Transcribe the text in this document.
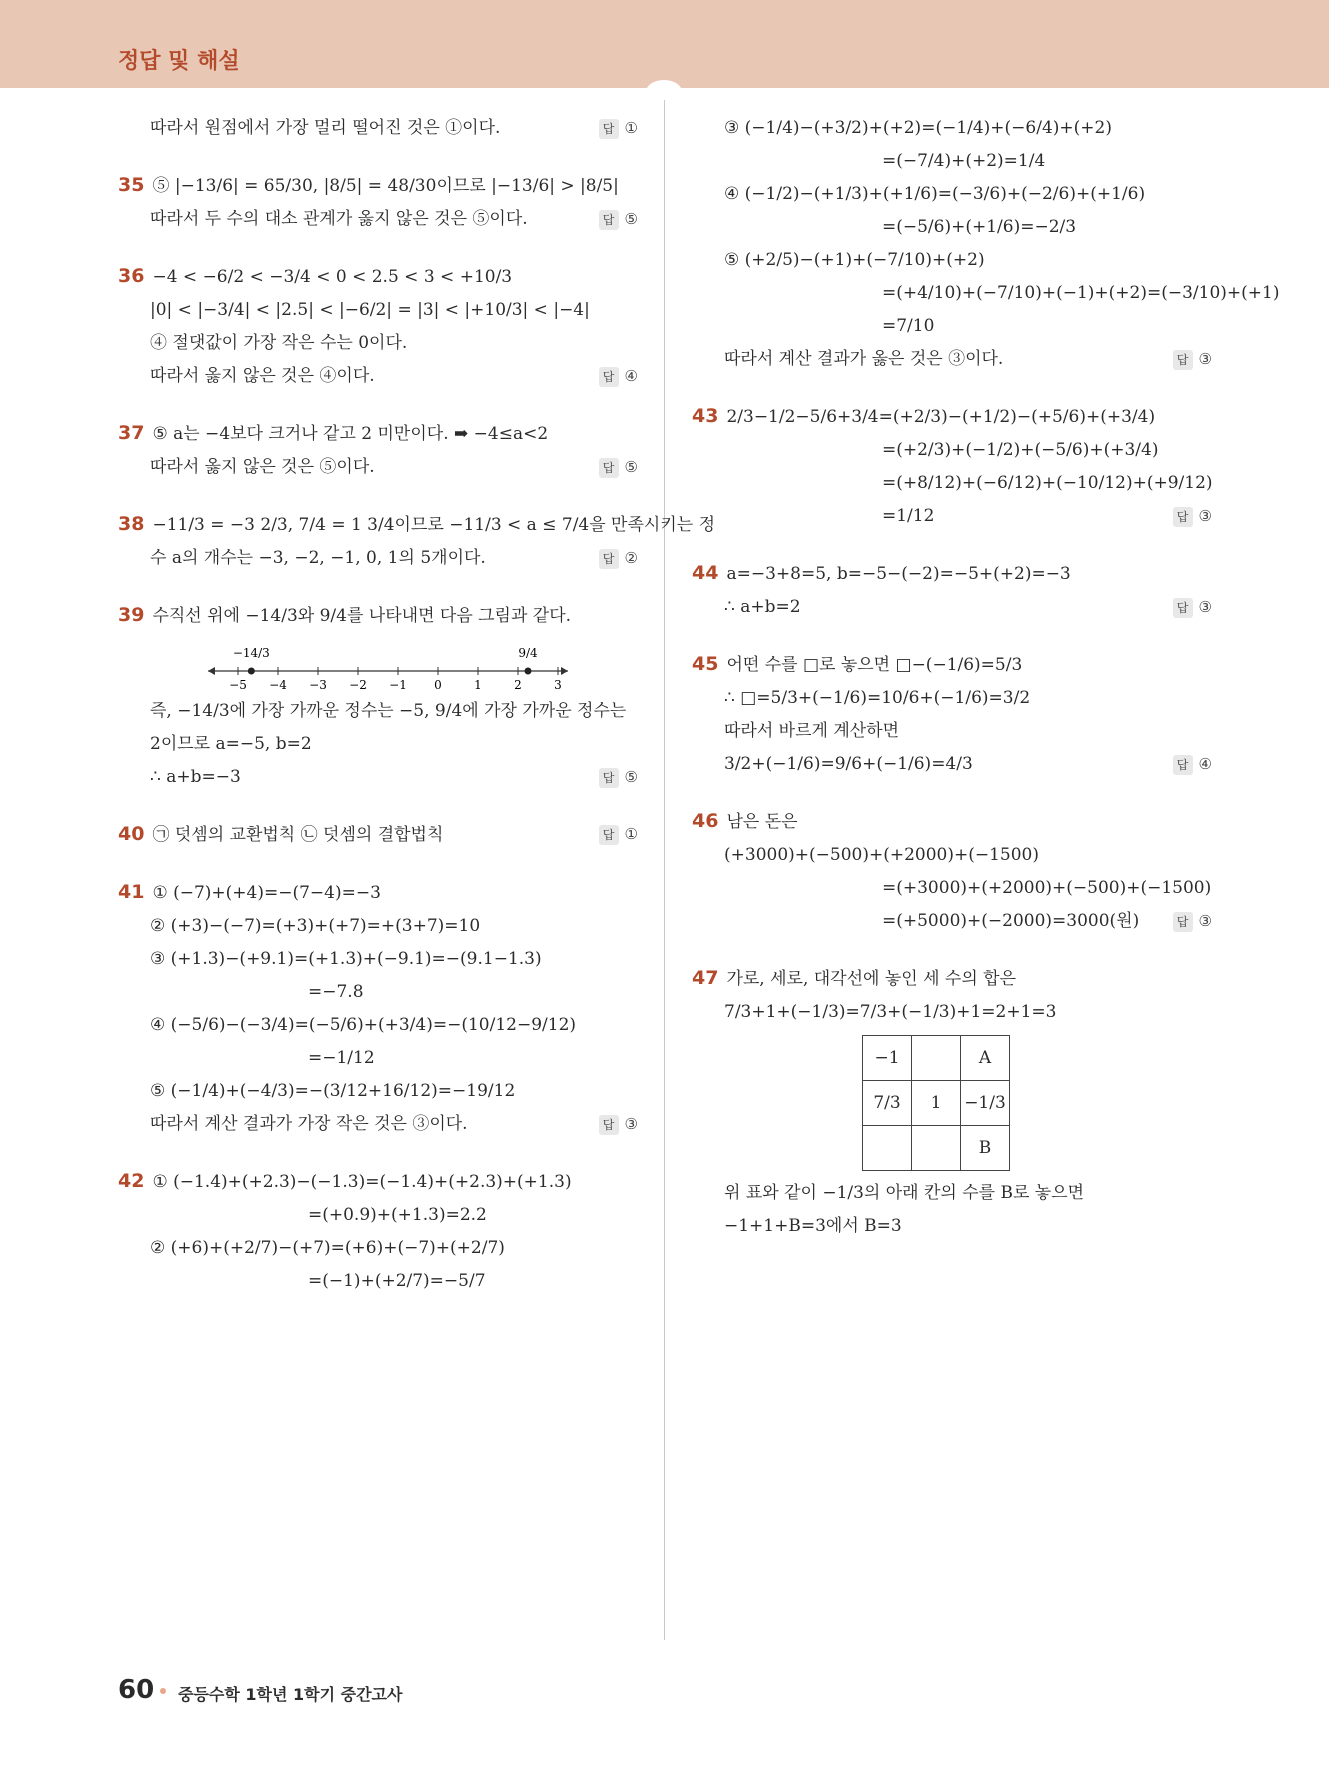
정답 및 해설
따라서 원점에서 가장 멀리 떨어진 것은 ①이다.	답 ①
35 ⑤ |−13/6| = 65/30, |8/5| = 48/30이므로 |−13/6| > |8/5|
따라서 두 수의 대소 관계가 옳지 않은 것은 ⑤이다.	답 ⑤
36 −4 < −6/2 < −3/4 < 0 < 2.5 < 3 < +10/3
|0| < |−3/4| < |2.5| < |−6/2| = |3| < |+10/3| < |−4|
④ 절댓값이 가장 작은 수는 0이다.
따라서 옳지 않은 것은 ④이다.	답 ④
37 ⑤ a는 −4보다 크거나 같고 2 미만이다. ➡ −4≤a<2
따라서 옳지 않은 것은 ⑤이다.	답 ⑤
38 −11/3 = −3 2/3, 7/4 = 1 3/4이므로 −11/3 < a ≤ 7/4을 만족시키는 정
수 a의 개수는 −3, −2, −1, 0, 1의 5개이다.	답 ②
39 수직선 위에 −14/3와 9/4를 나타내면 다음 그림과 같다.
−5 −4 −3 −2 −1 0	1	2	3
−14/3	9/4
즉, −14/3에 가장 가까운 정수는 −5, 9/4에 가장 가까운 정수는
2이므로 a=−5, b=2
∴ a+b=−3	답 ⑤
40 ㉠ 덧셈의 교환법칙 ㉡ 덧셈의 결합법칙	답 ①
41 ① (−7)+(+4)=−(7−4)=−3
② (+3)−(−7)=(+3)+(+7)=+(3+7)=10
③ (+1.3)−(+9.1)=(+1.3)+(−9.1)=−(9.1−1.3)
=−7.8
④ (−5/6)−(−3/4)=(−5/6)+(+3/4)=−(10/12−9/12)
=−1/12
⑤ (−1/4)+(−4/3)=−(3/12+16/12)=−19/12
따라서 계산 결과가 가장 작은 것은 ③이다.	답 ③
42 ① (−1.4)+(+2.3)−(−1.3)=(−1.4)+(+2.3)+(+1.3)
=(+0.9)+(+1.3)=2.2
② (+6)+(+2/7)−(+7)=(+6)+(−7)+(+2/7)
=(−1)+(+2/7)=−5/7
③ (−1/4)−(+3/2)+(+2)=(−1/4)+(−6/4)+(+2)
=(−7/4)+(+2)=1/4
④ (−1/2)−(+1/3)+(+1/6)=(−3/6)+(−2/6)+(+1/6)
=(−5/6)+(+1/6)=−2/3
⑤ (+2/5)−(+1)+(−7/10)+(+2)
=(+4/10)+(−7/10)+(−1)+(+2)=(−3/10)+(+1)
=7/10
따라서 계산 결과가 옳은 것은 ③이다.	답 ③
43 2/3−1/2−5/6+3/4=(+2/3)−(+1/2)−(+5/6)+(+3/4)
=(+2/3)+(−1/2)+(−5/6)+(+3/4)
=(+8/12)+(−6/12)+(−10/12)+(+9/12)
=1/12	답 ③
44 a=−3+8=5, b=−5−(−2)=−5+(+2)=−3
∴ a+b=2	답 ③
45 어떤 수를 □로 놓으면 □−(−1/6)=5/3
∴ □=5/3+(−1/6)=10/6+(−1/6)=3/2
따라서 바르게 계산하면
3/2+(−1/6)=9/6+(−1/6)=4/3	답 ④
46 남은 돈은
(+3000)+(−500)+(+2000)+(−1500)
=(+3000)+(+2000)+(−500)+(−1500)
=(+5000)+(−2000)=3000(원)	답 ③
47 가로, 세로, 대각선에 놓인 세 수의 합은
7/3+1+(−1/3)=7/3+(−1/3)+1=2+1=3
−1		A
7/3	1	−1/3
		B
위 표와 같이 −1/3의 아래 칸의 수를 B로 놓으면
−1+1+B=3에서 B=3
60 중등수학 1학년 1학기 중간고사
